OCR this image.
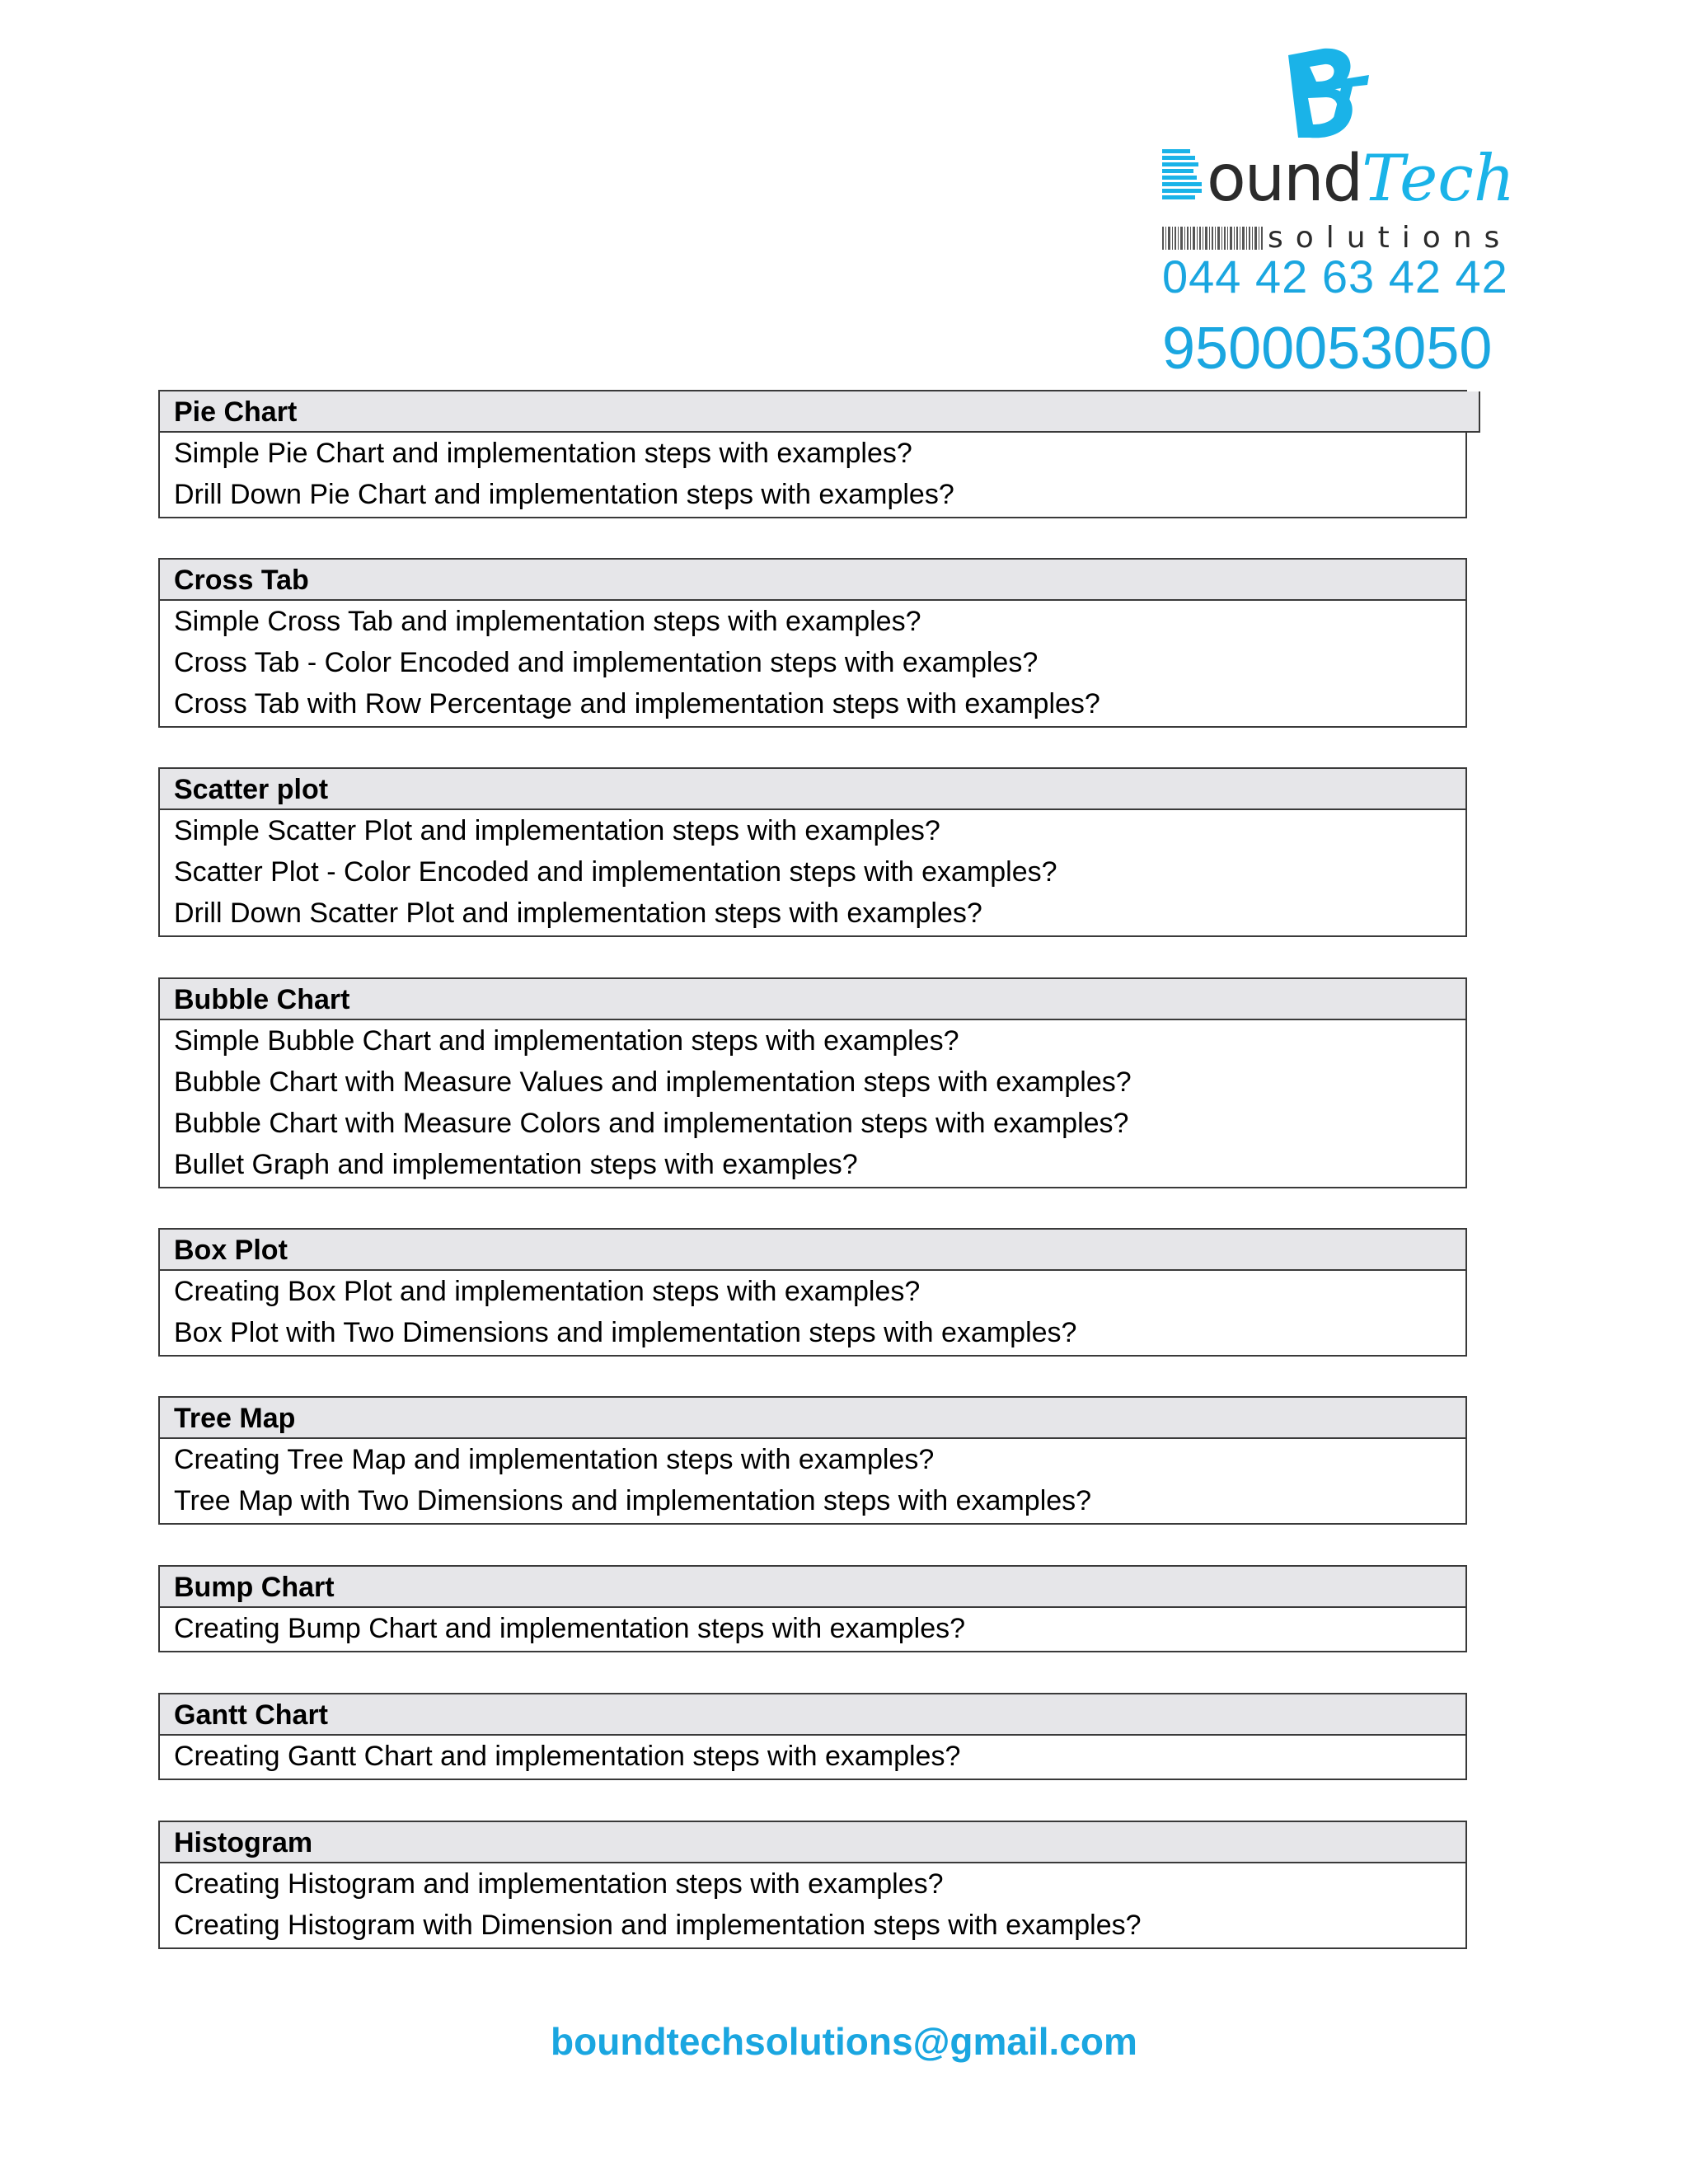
oundTech
solutions
044 42 63 42 42
9500053050
Pie Chart
Simple Pie Chart and implementation steps with examples?
Drill Down Pie Chart and implementation steps with examples?
Cross Tab
Simple Cross Tab and implementation steps with examples?
Cross Tab - Color Encoded and implementation steps with examples?
Cross Tab with Row Percentage and implementation steps with examples?
Scatter plot
Simple Scatter Plot and implementation steps with examples?
Scatter Plot - Color Encoded and implementation steps with examples?
Drill Down Scatter Plot and implementation steps with examples?
Bubble Chart
Simple Bubble Chart and implementation steps with examples?
Bubble Chart with Measure Values and implementation steps with examples?
Bubble Chart with Measure Colors and implementation steps with examples?
Bullet Graph and implementation steps with examples?
Box Plot
Creating Box Plot and implementation steps with examples?
Box Plot with Two Dimensions and implementation steps with examples?
Tree Map
Creating Tree Map and implementation steps with examples?
Tree Map with Two Dimensions and implementation steps with examples?
Bump Chart
Creating Bump Chart and implementation steps with examples?
Gantt Chart
Creating Gantt Chart and implementation steps with examples?
Histogram
Creating Histogram and implementation steps with examples?
Creating Histogram with Dimension and implementation steps with examples?
boundtechsolutions@gmail.com
